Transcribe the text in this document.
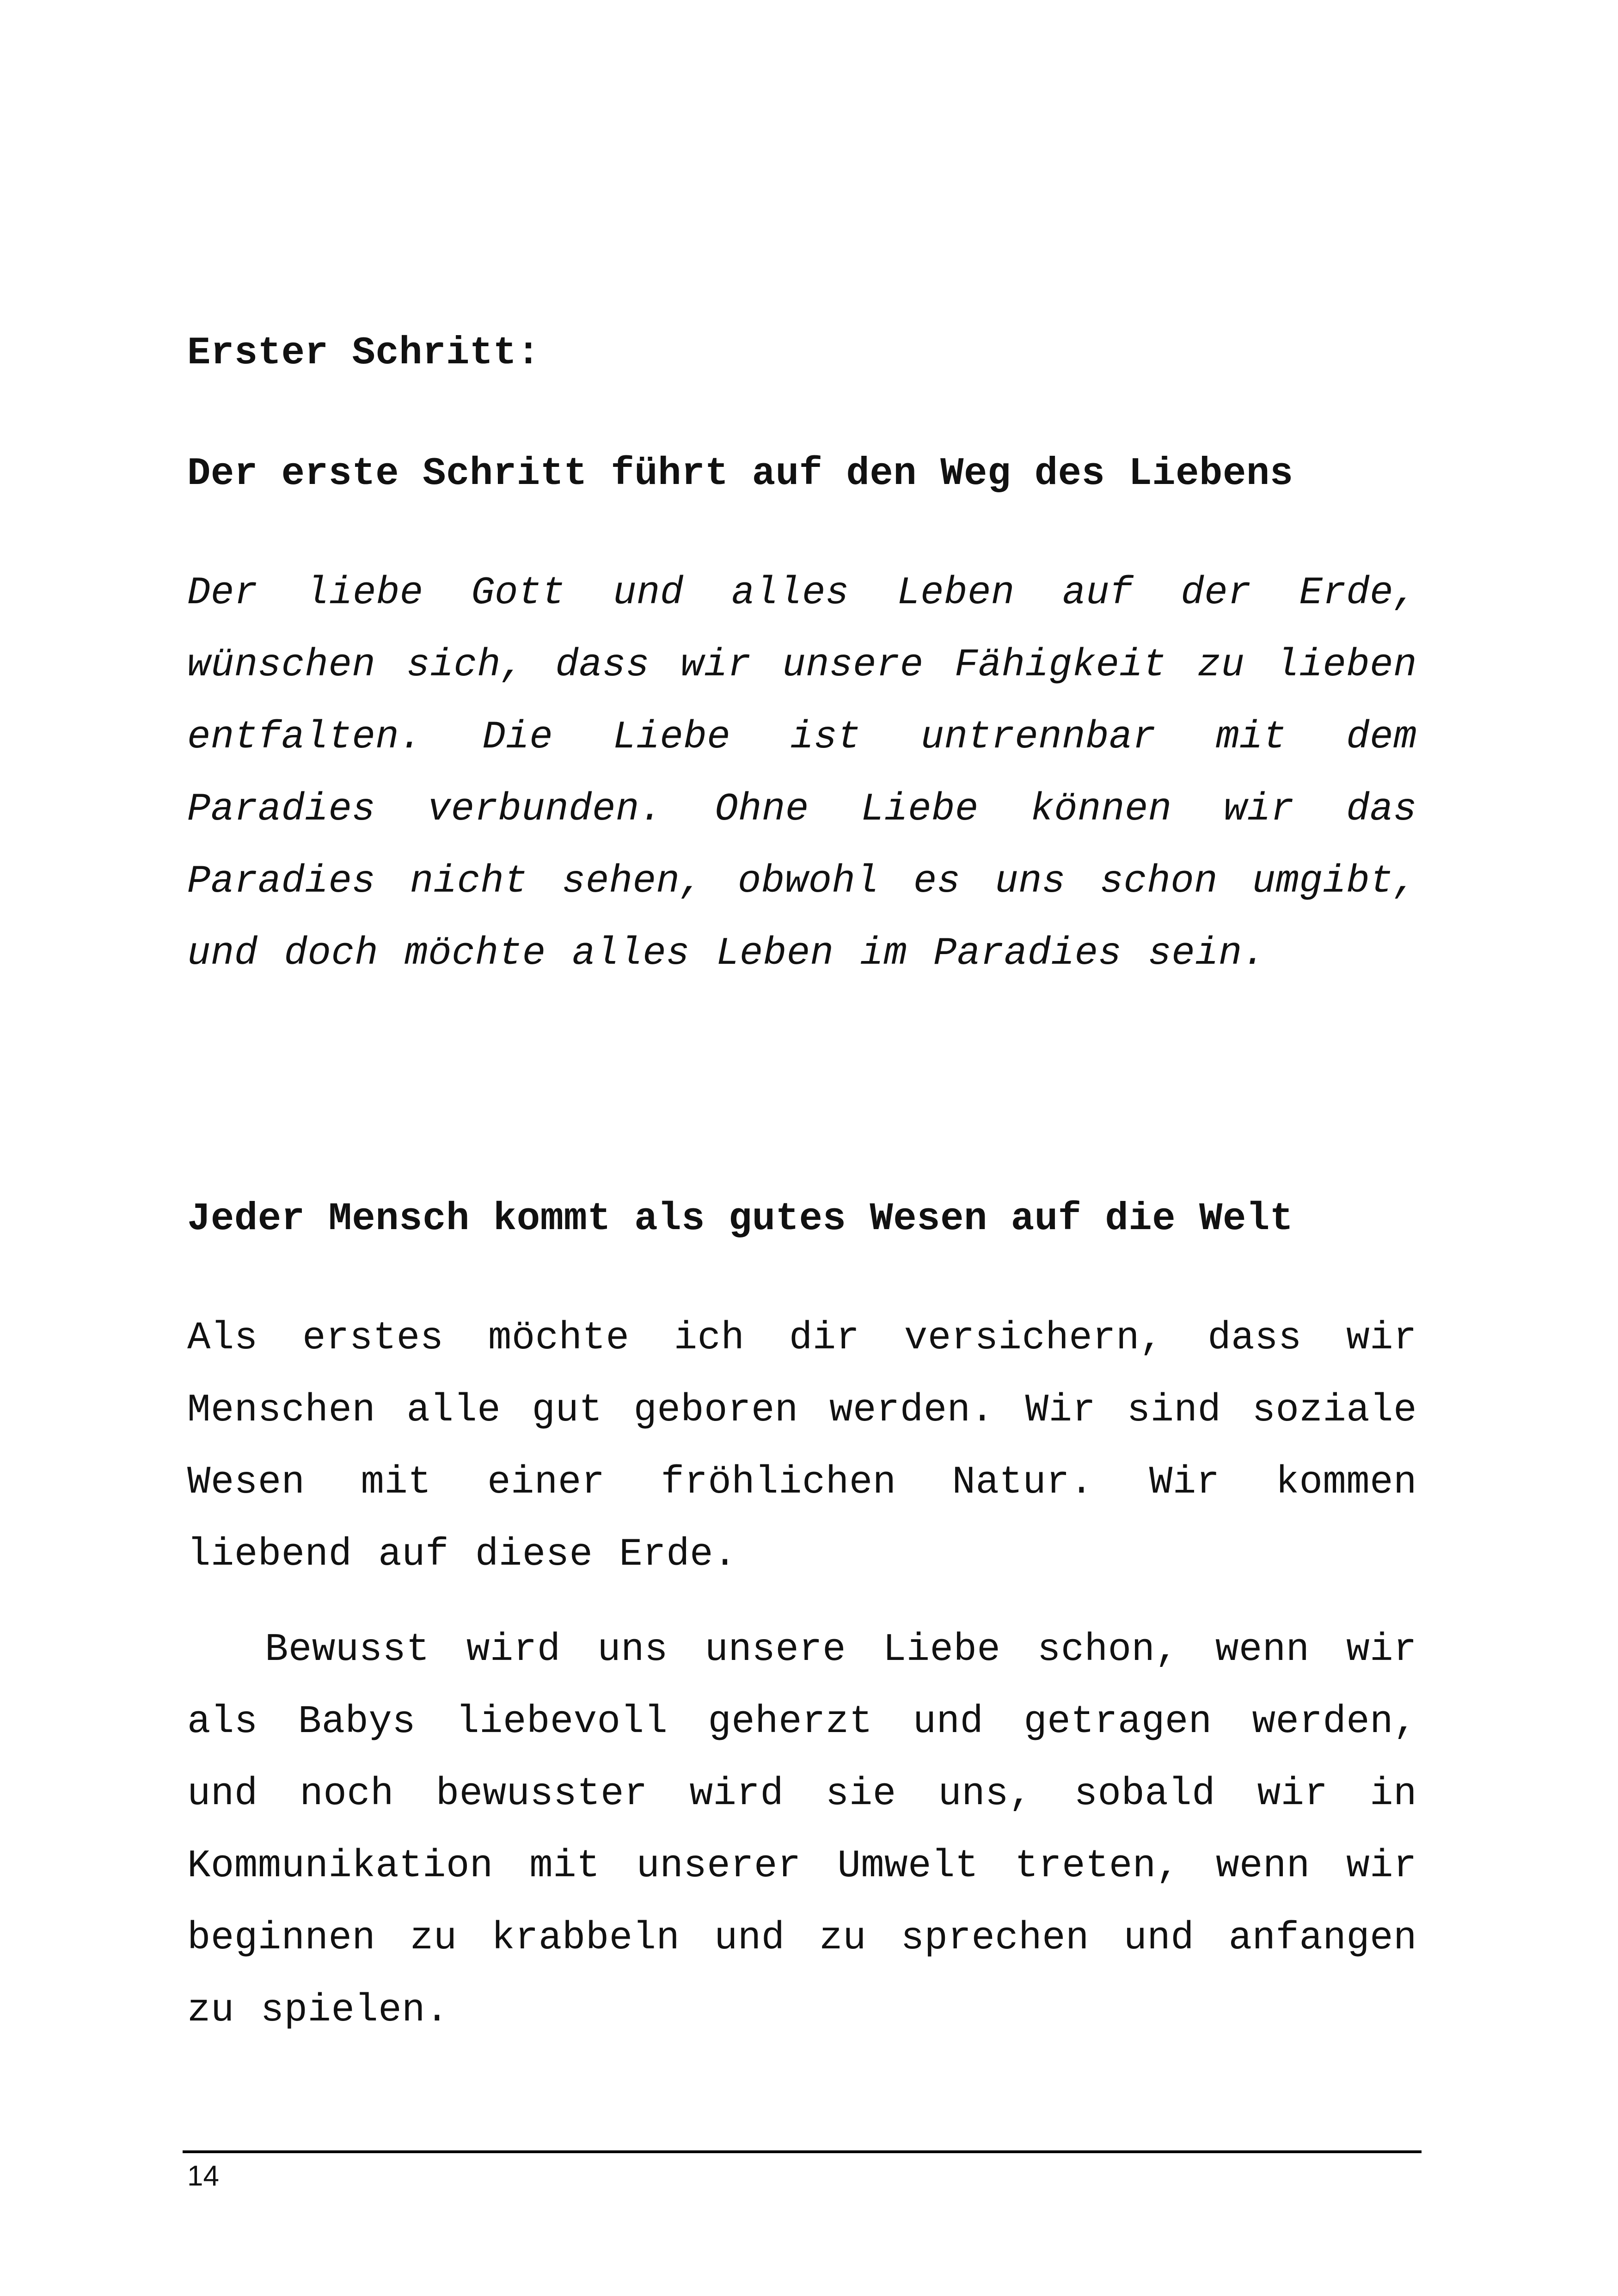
Erster Schritt:
Der erste Schritt führt auf den Weg des Liebens

Der liebe Gott und alles Leben auf der Erde, wünschen sich, dass wir unsere Fähigkeit zu lieben entfalten. Die Liebe ist untrennbar mit dem Paradies verbunden. Ohne Liebe können wir das Paradies nicht sehen, obwohl es uns schon umgibt, und doch möchte alles Leben im Paradies sein.

Jeder Mensch kommt als gutes Wesen auf die Welt

Als erstes möchte ich dir versichern, dass wir Menschen alle gut geboren werden. Wir sind soziale Wesen mit einer fröhlichen Natur. Wir kommen liebend auf diese Erde.

Bewusst wird uns unsere Liebe schon, wenn wir als Babys liebevoll geherzt und getragen werden, und noch bewusster wird sie uns, sobald wir in Kommunikation mit unserer Umwelt treten, wenn wir beginnen zu krabbeln und zu sprechen und anfangen zu spielen.

14
